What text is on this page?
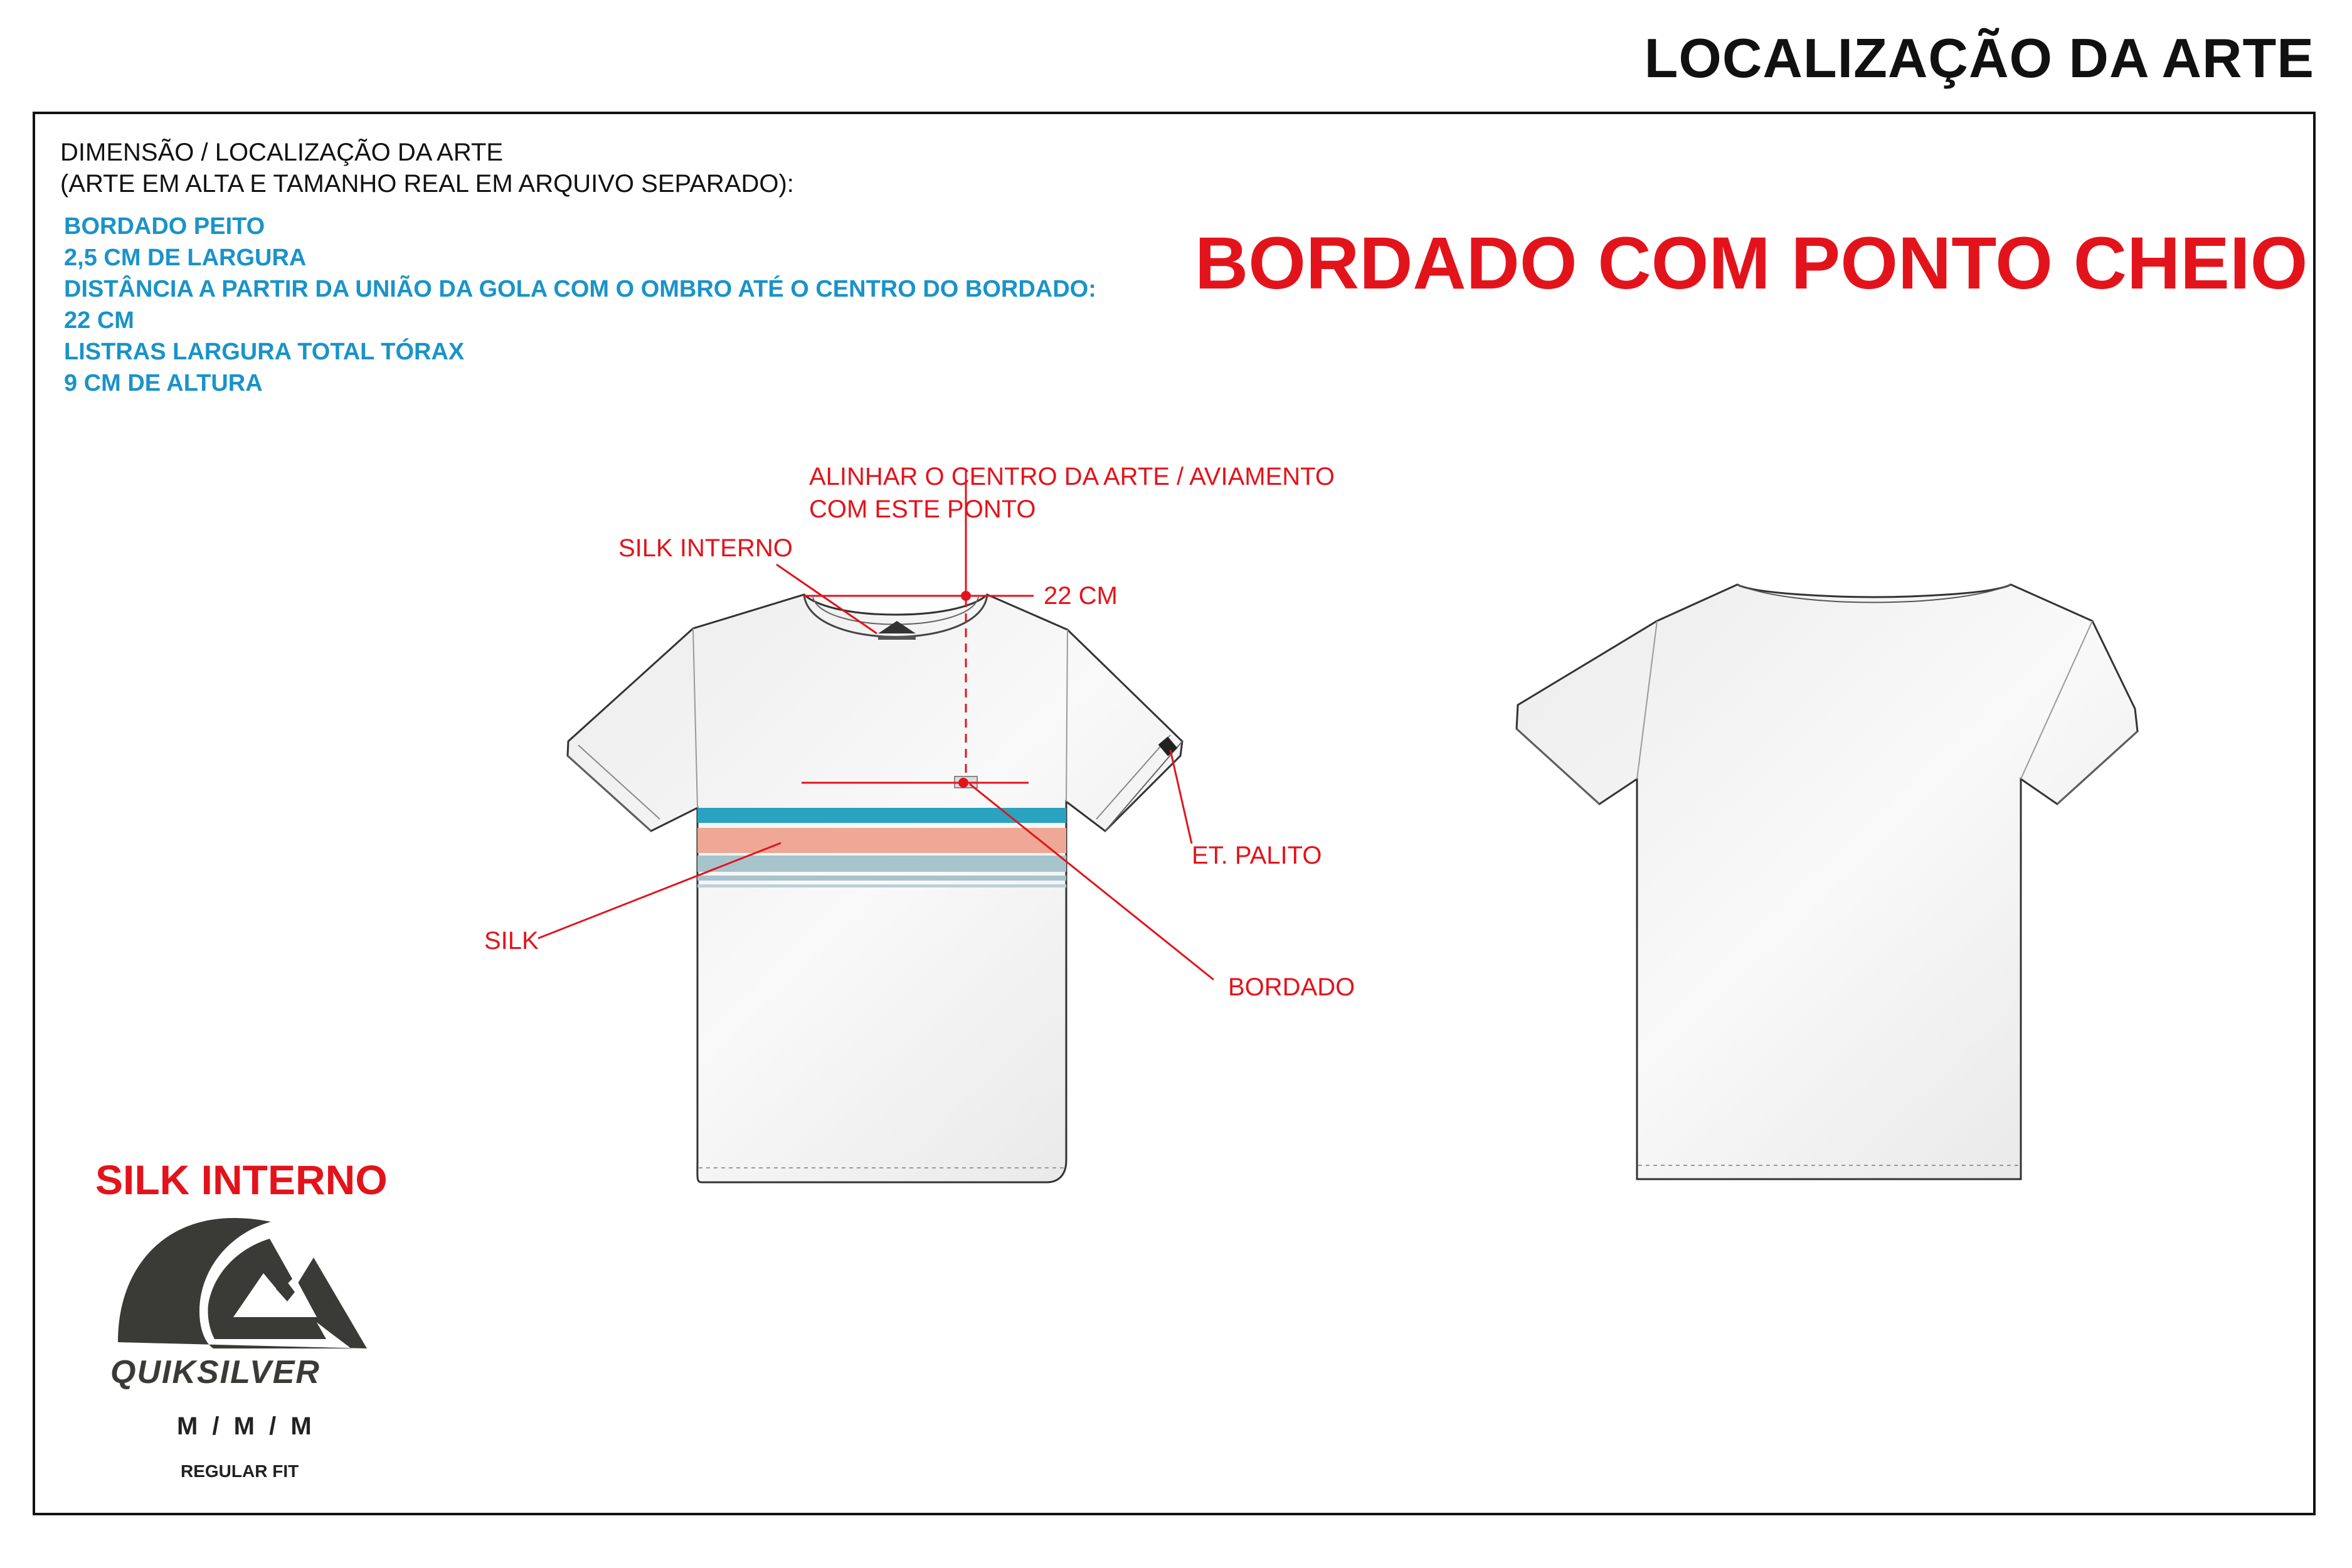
LOCALIZAÇÃO DA ARTE

DIMENSÃO / LOCALIZAÇÃO DA ARTE

(ARTE EM ALTA E TAMANHO REAL EM ARQUIVO SEPARADO):

BORDADO PEITO

2,5 CM DE LARGURA

DISTÂNCIA A PARTIR DA UNIÃO DA GOLA COM O OMBRO ATÉ O CENTRO DO BORDADO:

22 CM

LISTRAS LARGURA TOTAL TÓRAX

9 CM DE ALTURA

BORDADO COM PONTO CHEIO

QUIKSILVER

ALINHAR O CENTRO DA ARTE / AVIAMENTO

COM ESTE PONTO

SILK INTERNO

22 CM

ET. PALITO

SILK

BORDADO

SILK INTERNO

M / M / M

REGULAR FIT
